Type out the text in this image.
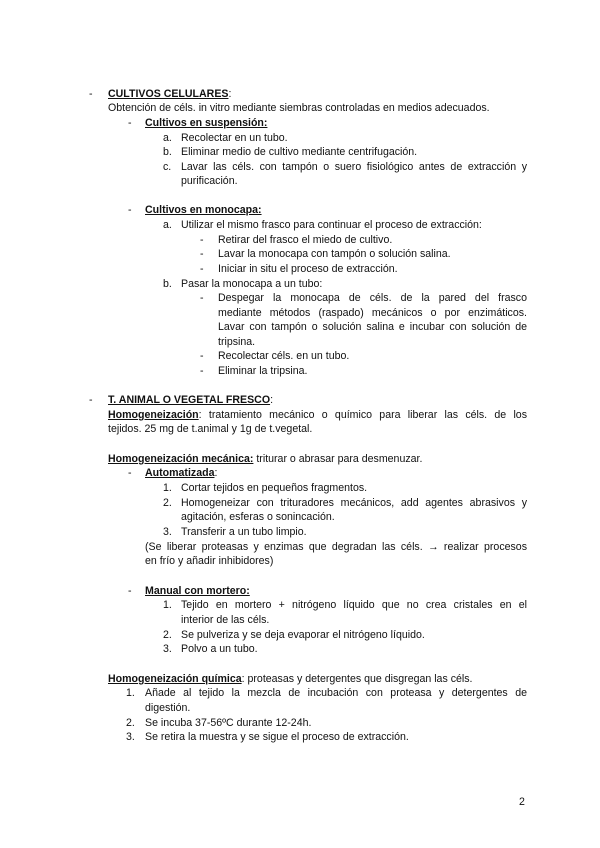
- CULTIVOS CELULARES:
Obtención de céls. in vitro mediante siembras controladas en medios adecuados.
- Cultivos en suspensión:
a. Recolectar en un tubo.
b. Eliminar medio de cultivo mediante centrifugación.
c. Lavar las céls. con tampón o suero fisiológico antes de extracción y
purificación.
- Cultivos en monocapa:
a. Utilizar el mismo frasco para continuar el proceso de extracción:
- Retirar del frasco el miedo de cultivo.
- Lavar la monocapa con tampón o solución salina.
- Iniciar in situ el proceso de extracción.
b. Pasar la monocapa a un tubo:
- Despegar la monocapa de céls. de la pared del frasco
mediante métodos (raspado) mecánicos o por enzimáticos.
Lavar con tampón o solución salina e incubar con solución de
tripsina.
- Recolectar céls. en un tubo.
- Eliminar la tripsina.
- T. ANIMAL O VEGETAL FRESCO:
Homogeneización: tratamiento mecánico o químico para liberar las céls. de los
tejidos. 25 mg de t.animal y 1g de t.vegetal.
Homogeneización mecánica: triturar o abrasar para desmenuzar.
- Automatizada:
1. Cortar tejidos en pequeños fragmentos.
2. Homogeneizar con trituradores mecánicos, add agentes abrasivos y
agitación, esferas o sonincación.
3. Transferir a un tubo limpio.
(Se liberar proteasas y enzimas que degradan las céls. → realizar procesos
en frío y añadir inhibidores)
- Manual con mortero:
1. Tejido en mortero + nitrógeno líquido que no crea cristales en el
interior de las céls.
2. Se pulveriza y se deja evaporar el nitrógeno líquido.
3. Polvo a un tubo.
Homogeneización química: proteasas y detergentes que disgregan las céls.
1. Añade al tejido la mezcla de incubación con proteasa y detergentes de
digestión.
2. Se incuba 37-56ºC durante 12-24h.
3. Se retira la muestra y se sigue el proceso de extracción.
2
